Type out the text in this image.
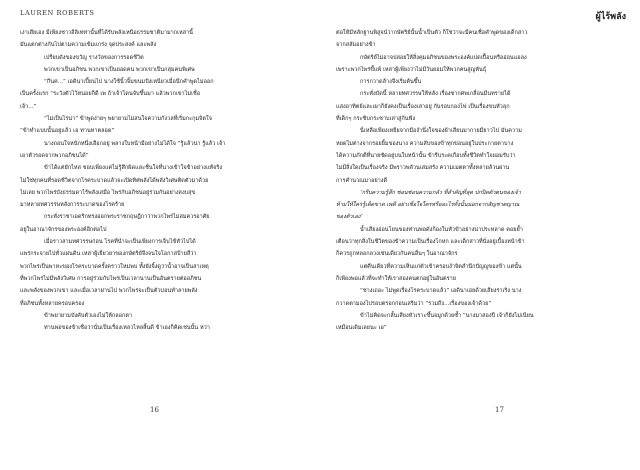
LAUREN ROBERTS
เงาเสียเอง มีเพียงชาวอีลิเทท่านั้นที่ได้รับพลังเหนือธรรมชาติมามากเหล่านี้
มันแตกต่างกันไปตามความเข้มแกร่ง จุดประสงค์ และพลัง
เปรียบดังของขวัญ รางวัลของการรอดชีวิต
พวกเขาเป็นอภิชน พวกเขาเป็นยอดคน พวกเขาเป็นกลุ่มคนพิเศษ
“กึนค่...” เอดินาเปี้ยนไป นางใช้นิ้วจิ้มขนมปังเหนียวเมื่อนึกคำพูดไม่ออก
เป็นครั้งแรก “ระวังตัวไว้หน่อยก็ดี เพ ถ้าเจ้าโดนจับขึ้นมา แล้วพวกเขาไม่เชื่อ
เจ้า...”
“ไม่เป็นไรน่า” ข้าพูดง่ายๆ พยายามไม่สนใจความกังวลที่เริ่มกะกุมจิตใจ
“ข้าทำแบบนั้นอยู่แล้ว เอ ท่านทาตลอด”
นางถอนใจหนักหนึ่งเฮือกอยู่ พลางใบหน้ามือย่างไม่ได้ใจ “รู้แล้วน่า รู้แล้ว เจ้า
เอาตัวรอดจากพวกอภิชนได้”
ข้าได้แต่ยักไหล่ ชอบเพียงแค่ไม่รู้สึกผิดและชื่นใจที่นางเข้าใจข้าอย่างแท้จริง
ไม่ใช่ทุกคนที่รอดชีวิตจากโรคระบาดแล้วจะเปิดทิศพลังได้พลังวิเศษติดตัวมาด้วย
ไม่เลย พวกไพร่บังธรรมดาไร้พลังเสมือ ไพร่กับอภิชนอยู่ร่วมกันอย่างสงบสุข
มาหลายทศวรรษหลังการระบาดของโรคร้าย
กระทั่งราชาเอดริกทรงออกพระราชกฤษฎีกาว่าพวกไพร่ไม่สมควรอาศัย
อยู่ในอาณาจักรของพระองค์อีกต่อไป
เมื่อราวสามทศวรรษก่อน โรคที่นำจะเป็นเพียงการเจ็บไข้หัวไปได้
แพร่กระจายไปทั่วแผ่นดิน เหล่าผู้เยี่ยวยาของกษัตริย์จึงจนใจโอกาสป้ายสีว่า
พวกไพร่เป็นพาหะของโรคระบาดครั้งคราวใหม่พบ ทั้งยังจิ้งดูว่าน้ำอาจเป็นสาเหตุ
ที่พวกไพร่ไม่มีพลังวิเศษ การอยู่ร่วมกับไพร่เป็นเวลานานเป็นอันตรายต่ออภิชน
และพลังของพวกเขา และเมื่อเวลาผ่านไป พวกไพร่จะเป็นตัวบ่อนทำลายพลัง
ที่อภิชนทั้งหลายครอบครอง
ข้าพยายามบังคับตัวเองไม่ให้กลอกตา
ท่านพ่อของข้าเชื่อว่านั่นเป็นเรื่องเหลวไหลสิ้นดี ข้าเองก็คิดเช่นนั้น หว่า
16
ผู้ไร้พลัง
17
ต่อให้มีหลักฐานพิสูจน์ว่ากษัตริย์นั้นน้ำเป็นตัว ก็ใช่ว่าจะมีคนเชื่อคำพูดของเด็กสาว
จากสลัมอย่างข้า
กษัตริย์ไม่อาจปล่อยให้สิ่งคุมอภิชนของพระองค์แปดเปื้อนหรืออ่อนแอลง
เพราะพวกไพร่ขี้แพ้ เหล่าผู้เพียงว่าไม่มีวันยอมให้พวกคนสูญพันธุ์
การกวาดล้างจึงเริ่มต้นขึ้น
กระทั่งบัดนี้ หลายทศวรรษให้หลัง เรื่องซากศพเกลื่อนมีนทรายได้
แสงอาทิตย์และเผาก็ยังคงเป็นเรื่องเล่าอยู่ กันรอบกองไฟ เป็นเรื่องขนหัวลุก
ที่เด็กๆ กระซิบกระซาบเล่าสู่กันฟัง
นี่เหลือเพียงเหยียจากมืองำนึ่งใจของผ้าเสียนมากายมืยาวไป มันความ
หยดไม่ต่างจากรอยยิ้มของนาง ความสับของข้าทุกข่อนอยู่ในประกายตาบาง
ได้ความภักดีที่นายซัดอยู่บนใบหน้านั้น ข้ารีบระคเกือบทั้งชีวิตทำใจยอมรับว่า
ไม่มีสิ่งใดเป็นเรื่องจริง มีพราวพลัวนเสมสรัง ความเมตตาทั้งหลายล้วนผ่าน
การคำนวณมาอย่างดี
‘กรีบความรู้สึก ซ่อนซ่อนความกลัว ที่สำคัญที่สุด ปกปิดตัวตนของเจ้า
ห้ามให้ใครรู้เด็ดขาด เพดี อย่าเชื่อใจใครหรืออะไรทั้งนั้นนอกจากสัญชาตญาณ
ของตัวเอง’
น้ำเสียงอ่อนโยนของท่านพ่อดังก้องในหัวข้าอย่างน่าประหลาด คอยย้ำ
เตือนว่าทุกสิ่งในชีวิตของข้าความเป็นเรื่องโกหก และเด็กสาวที่นั่งอยู่เบื้องหน้าข้า
ก็ควรถูกหลอกลวงเช่นเดียวกันคนอื่นๆ ในอาณาจักร
แต่คืนเดียวที่ความเห็นแก่ตัวเข้าครอบงำจิตสำนึกปัญญูของข้า แต่นั้น
ก็เพียงพอแล้วที่จะทำให้เราสองคนตกอยู่ในอันตราย
“ช่างเถอะ ไม่พูดเรื่องโรคระบาดแล้ว” เอดินาเอ่ยด้วยเสียงร่าเริง นาง
กวาดตามองไปรอบตรอกก่อนเสริมว่า “รวมถึง...เรื่องของเจ้าด้วย”
ข้าไม่คิดจะกลั้นเสียงหัวเราะขึ้นจมูกด้วยซ้ำ “นางมาสองปี เจ้าก็ยังไม่เนียน
เหมือนเดิมเลยนะ เอ”
